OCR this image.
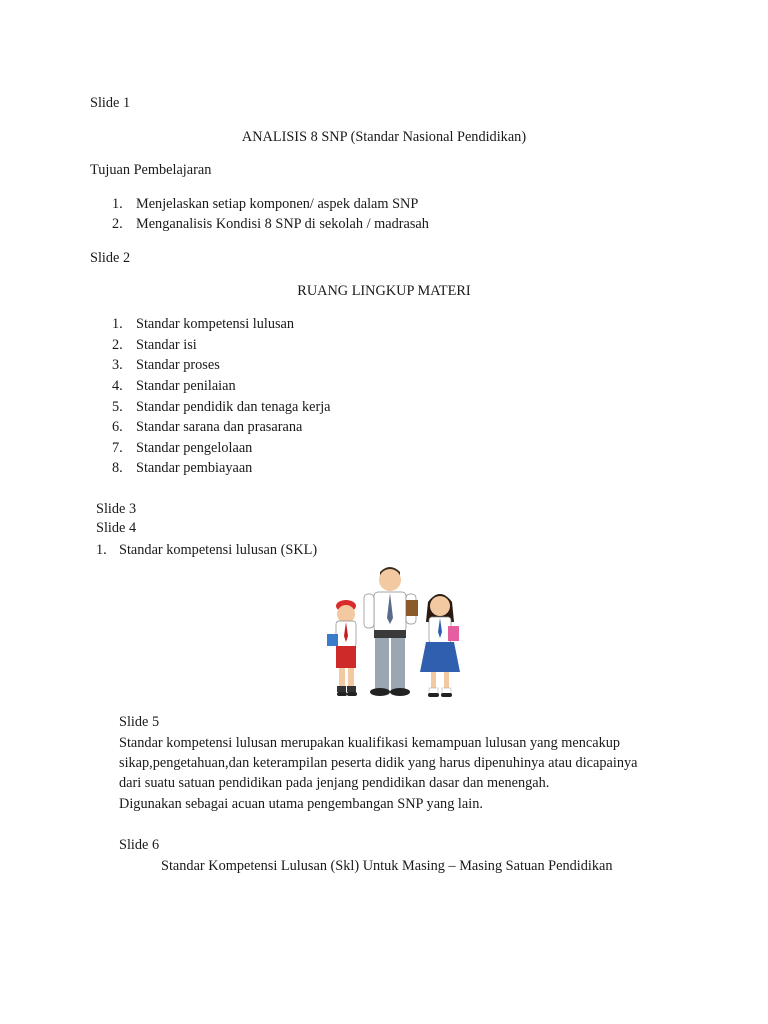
Slide 1
ANALISIS 8 SNP (Standar Nasional Pendidikan)
Tujuan Pembelajaran
1. Menjelaskan setiap komponen/ aspek dalam SNP
2. Menganalisis Kondisi 8 SNP di sekolah / madrasah
Slide 2
RUANG LINGKUP MATERI
1. Standar kompetensi lulusan
2. Standar isi
3. Standar proses
4. Standar penilaian
5. Standar pendidik dan tenaga kerja
6. Standar sarana dan prasarana
7. Standar pengelolaan
8. Standar pembiayaan
Slide 3
Slide 4
1. Standar kompetensi lulusan (SKL)
Slide 5
Standar kompetensi lulusan merupakan kualifikasi kemampuan lulusan yang mencakup
sikap,pengetahuan,dan keterampilan peserta didik yang harus dipenuhinya atau dicapainya
dari suatu satuan pendidikan pada jenjang pendidikan dasar dan menengah.
Digunakan sebagai acuan utama pengembangan SNP yang lain.
Slide 6
Standar Kompetensi Lulusan (Skl) Untuk Masing – Masing Satuan Pendidikan
